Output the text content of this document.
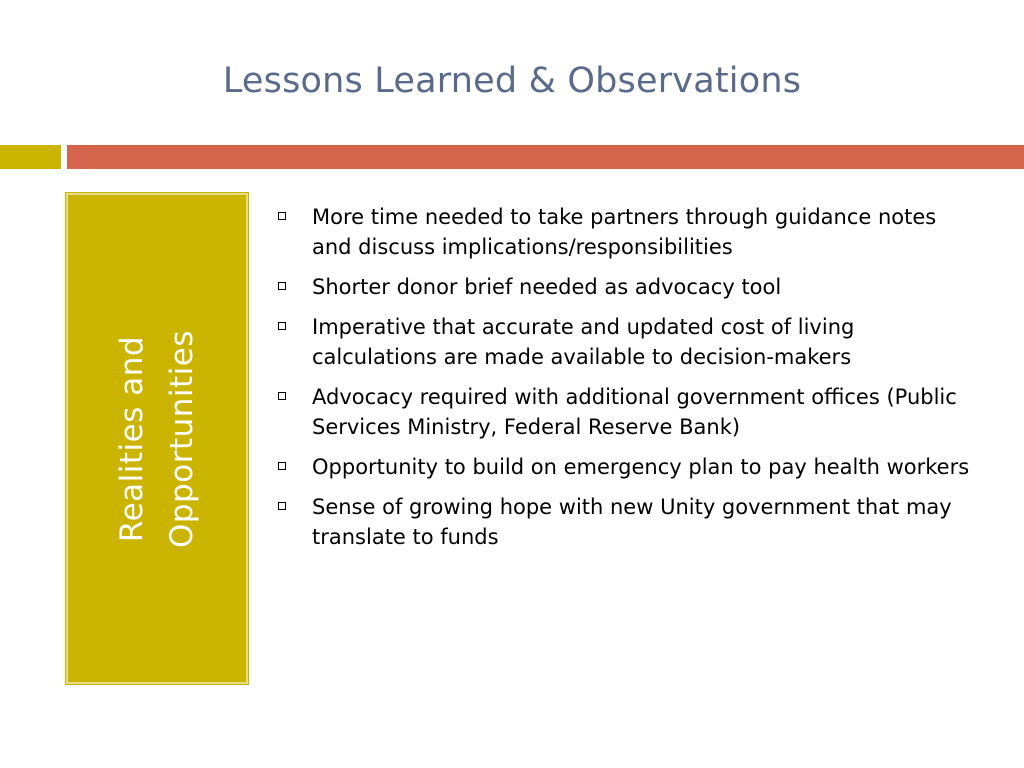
Lessons Learned & Observations
Realities and Opportunities
More time needed to take partners through guidance notes and discuss implications/responsibilities
Shorter donor brief needed as advocacy tool
Imperative that accurate and updated cost of living calculations are made available to decision-makers
Advocacy required with additional government offices (Public Services Ministry, Federal Reserve Bank)
Opportunity to build on emergency plan to pay health workers
Sense of growing hope with new Unity government that may translate to funds
